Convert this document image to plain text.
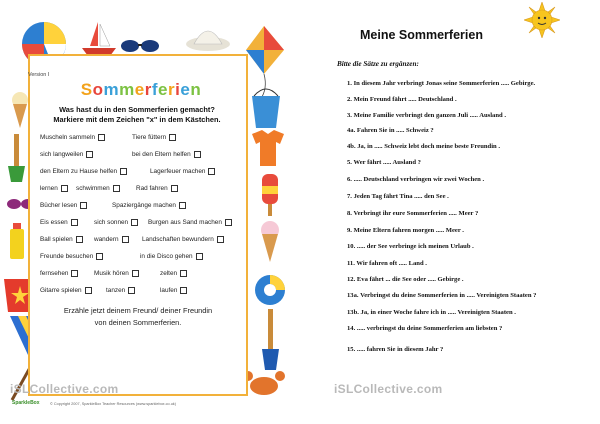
Version I
Sommerferien
Was hast du in den Sommerferien gemacht?
Markiere mit dem Zeichen "x" in dem Kästchen.
Muscheln sammeln	Tiere füttern
sich langweilen	bei den Eltern helfen
den Eltern zu Hause helfen	Lagerfeuer machen
lernen	schwimmen	Rad fahren
Bücher lesen	Spaziergänge machen
Eis essen	sich sonnen	Burgen aus Sand machen
Ball spielen	wandern	Landschaften bewundern
Freunde besuchen	in die Disco gehen
fernsehen	Musik hören	zelten
Gitarre spielen	tanzen	laufen
Erzähle jetzt deinem Freund/ deiner Freundin
von deinen Sommerferien.
iSLCollective.com
SparkleBox	© Copyright 2007, SparkleBox Teacher Resources (www.sparklebox.co.uk)
Meine Sommerferien
Bitte die Sätze zu ergänzen:
1. In diesem Jahr verbringt Jonas seine Sommerferien ..... Gebirge.
2. Mein Freund fährt ..... Deutschland .
3. Meine Familie verbringt den ganzen Juli ..... Ausland .
4a. Fahren Sie in ..... Schweiz ?
4b. Ja, in ..... Schweiz lebt doch meine beste Freundin .
5. Wer fährt ..... Ausland ?
6. ..... Deutschland verbringen wir zwei Wochen .
7. Jeden Tag fährt Tina ..... den See .
8. Verbringt ihr eure Sommerferien ..... Meer ?
9. Meine Eltern fahren morgen ..... Meer .
10. ..... der See verbringe ich meinen Urlaub .
11. Wir fahren oft ..... Land .
12. Eva fährt ... die See oder ..... Gebirge .
13a. Verbringst du deine Sommerferien in ..... Vereinigten Staaten ?
13b. Ja, in einer Woche fahre ich in ..... Vereinigten Staaten .
14. ..... verbringst du deine Sommerferien am liebsten ?
15. ..... fahren Sie in diesem Jahr ?
iSLCollective.com
